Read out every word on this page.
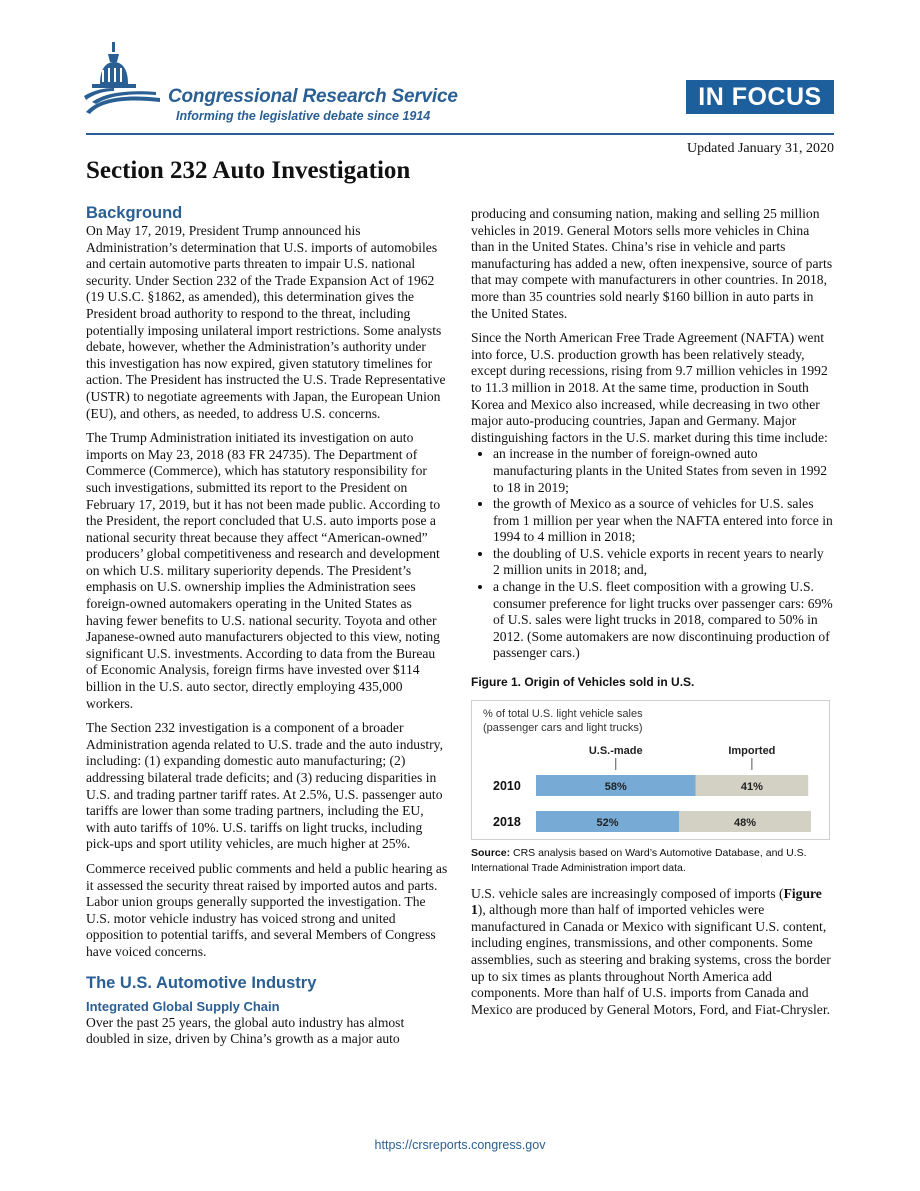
Congressional Research Service
Informing the legislative debate since 1914
IN FOCUS
Updated January 31, 2020
Section 232 Auto Investigation
Background

On May 17, 2019, President Trump announced his Administration’s determination that U.S. imports of automobiles and certain automotive parts threaten to impair U.S. national security. Under Section 232 of the Trade Expansion Act of 1962 (19 U.S.C. §1862, as amended), this determination gives the President broad authority to respond to the threat, including potentially imposing unilateral import restrictions. Some analysts debate, however, whether the Administration’s authority under this investigation has now expired, given statutory timelines for action. The President has instructed the U.S. Trade Representative (USTR) to negotiate agreements with Japan, the European Union (EU), and others, as needed, to address U.S. concerns.

The Trump Administration initiated its investigation on auto imports on May 23, 2018 (83 FR 24735). The Department of Commerce (Commerce), which has statutory responsibility for such investigations, submitted its report to the President on February 17, 2019, but it has not been made public. According to the President, the report concluded that U.S. auto imports pose a national security threat because they affect “American-owned” producers’ global competitiveness and research and development on which U.S. military superiority depends. The President’s emphasis on U.S. ownership implies the Administration sees foreign-owned automakers operating in the United States as having fewer benefits to U.S. national security. Toyota and other Japanese-owned auto manufacturers objected to this view, noting significant U.S. investments. According to data from the Bureau of Economic Analysis, foreign firms have invested over $114 billion in the U.S. auto sector, directly employing 435,000 workers.

The Section 232 investigation is a component of a broader Administration agenda related to U.S. trade and the auto industry, including: (1) expanding domestic auto manufacturing; (2) addressing bilateral trade deficits; and (3) reducing disparities in U.S. and trading partner tariff rates. At 2.5%, U.S. passenger auto tariffs are lower than some trading partners, including the EU, with auto tariffs of 10%. U.S. tariffs on light trucks, including pick-ups and sport utility vehicles, are much higher at 25%.

Commerce received public comments and held a public hearing as it assessed the security threat raised by imported autos and parts. Labor union groups generally supported the investigation. The U.S. motor vehicle industry has voiced strong and united opposition to potential tariffs, and several Members of Congress have voiced concerns.

The U.S. Automotive Industry
Integrated Global Supply Chain

Over the past 25 years, the global auto industry has almost doubled in size, driven by China’s growth as a major auto

producing and consuming nation, making and selling 25 million vehicles in 2019. General Motors sells more vehicles in China than in the United States. China’s rise in vehicle and parts manufacturing has added a new, often inexpensive, source of parts that may compete with manufacturers in other countries. In 2018, more than 35 countries sold nearly $160 billion in auto parts in the United States.

Since the North American Free Trade Agreement (NAFTA) went into force, U.S. production growth has been relatively steady, except during recessions, rising from 9.7 million vehicles in 1992 to 11.3 million in 2018. At the same time, production in South Korea and Mexico also increased, while decreasing in two other major auto-producing countries, Japan and Germany. Major distinguishing factors in the U.S. market during this time include:

• an increase in the number of foreign-owned auto manufacturing plants in the United States from seven in 1992 to 18 in 2019;
• the growth of Mexico as a source of vehicles for U.S. sales from 1 million per year when the NAFTA entered into force in 1994 to 4 million in 2018;
• the doubling of U.S. vehicle exports in recent years to nearly 2 million units in 2018; and,
• a change in the U.S. fleet composition with a growing U.S. consumer preference for light trucks over passenger cars: 69% of U.S. sales were light trucks in 2018, compared to 50% in 2012. (Some automakers are now discontinuing production of passenger cars.)
Figure 1. Origin of Vehicles sold in U.S.
% of total U.S. light vehicle sales
(passenger cars and light trucks)
U.S.-made	Imported
2010	58%	41%
2018	52%	48%
Source: CRS analysis based on Ward’s Automotive Database, and U.S. International Trade Administration import data.

U.S. vehicle sales are increasingly composed of imports (Figure 1), although more than half of imported vehicles were manufactured in Canada or Mexico with significant U.S. content, including engines, transmissions, and other components. Some assemblies, such as steering and braking systems, cross the border up to six times as plants throughout North America add components. More than half of U.S. imports from Canada and Mexico are produced by General Motors, Ford, and Fiat-Chrysler.

https://crsreports.congress.gov
